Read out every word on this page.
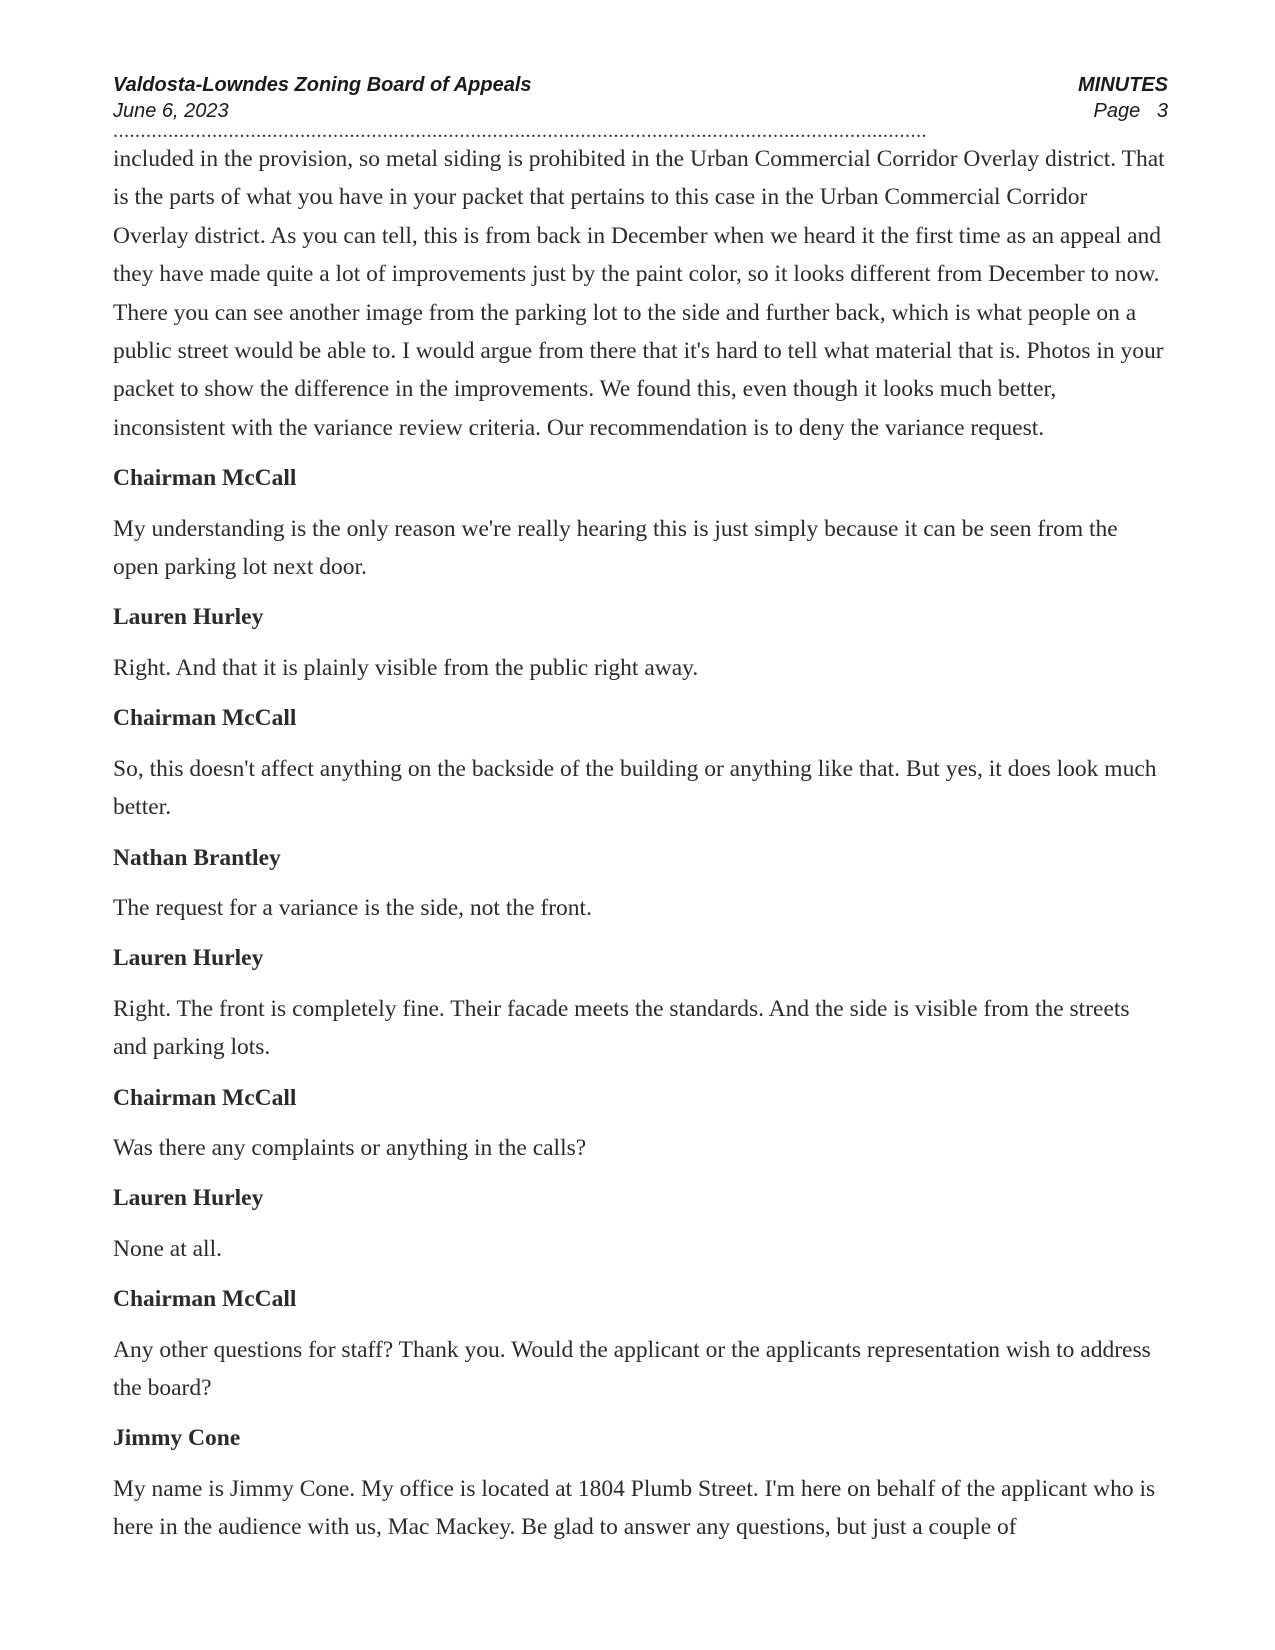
Valdosta-Lowndes Zoning Board of Appeals	MINUTES
June 6, 2023	Page 3
....................................................................................................................................................

included in the provision, so metal siding is prohibited in the Urban Commercial Corridor Overlay district. That is the parts of what you have in your packet that pertains to this case in the Urban Commercial Corridor Overlay district. As you can tell, this is from back in December when we heard it the first time as an appeal and they have made quite a lot of improvements just by the paint color, so it looks different from December to now. There you can see another image from the parking lot to the side and further back, which is what people on a public street would be able to. I would argue from there that it's hard to tell what material that is. Photos in your packet to show the difference in the improvements. We found this, even though it looks much better, inconsistent with the variance review criteria. Our recommendation is to deny the variance request.

Chairman McCall

My understanding is the only reason we're really hearing this is just simply because it can be seen from the open parking lot next door.

Lauren Hurley

Right. And that it is plainly visible from the public right away.

Chairman McCall

So, this doesn't affect anything on the backside of the building or anything like that. But yes, it does look much better.

Nathan Brantley

The request for a variance is the side, not the front.

Lauren Hurley

Right. The front is completely fine. Their facade meets the standards. And the side is visible from the streets and parking lots.

Chairman McCall

Was there any complaints or anything in the calls?

Lauren Hurley

None at all.

Chairman McCall

Any other questions for staff? Thank you. Would the applicant or the applicants representation wish to address the board?

Jimmy Cone

My name is Jimmy Cone. My office is located at 1804 Plumb Street. I'm here on behalf of the applicant who is here in the audience with us, Mac Mackey. Be glad to answer any questions, but just a couple of
